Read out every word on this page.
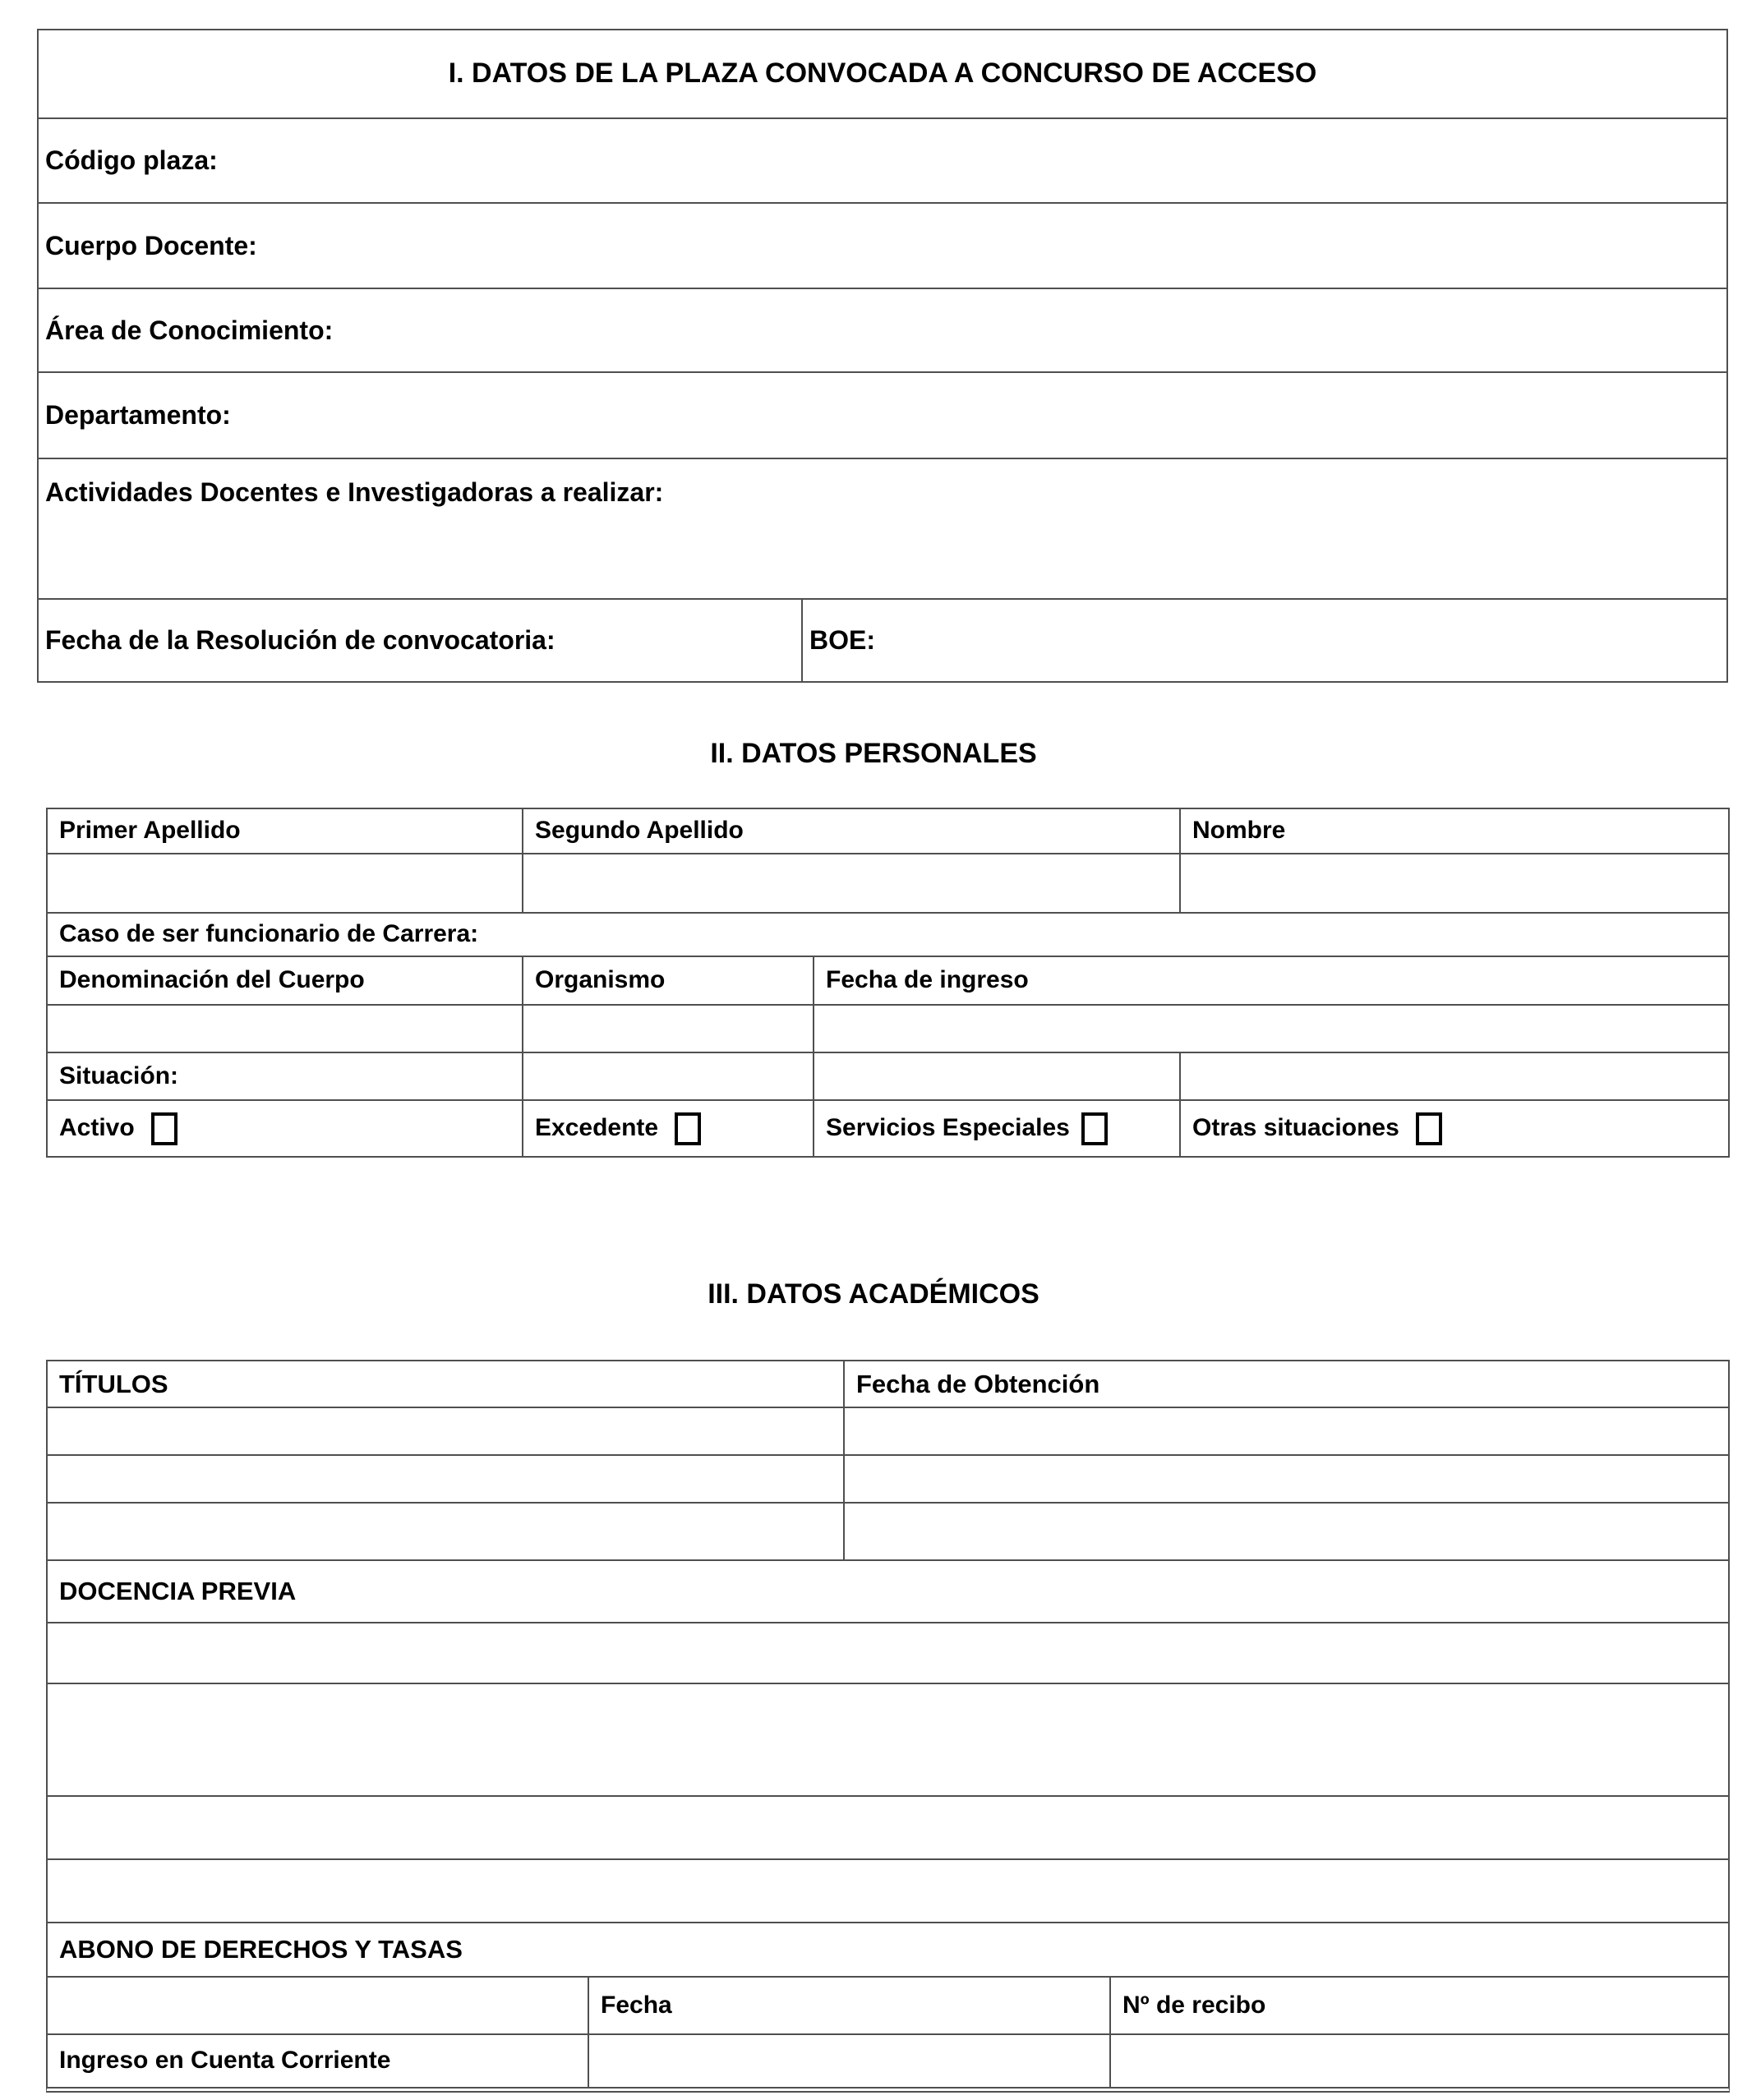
I. DATOS DE LA PLAZA CONVOCADA A CONCURSO DE ACCESO
Código plaza:
Cuerpo Docente:
Área de Conocimiento:
Departamento:
Actividades Docentes e Investigadoras a realizar:
Fecha de la Resolución de convocatoria:	BOE:
II. DATOS PERSONALES
Primer Apellido	Segundo Apellido	Nombre
Caso de ser funcionario de Carrera:
Denominación del Cuerpo	Organismo	Fecha de ingreso
Situación:
Activo	Excedente	Servicios Especiales	Otras situaciones
III. DATOS ACADÉMICOS
TÍTULOS	Fecha de Obtención
DOCENCIA PREVIA
ABONO DE DERECHOS Y TASAS
Fecha	Nº de recibo
Ingreso en Cuenta Corriente
